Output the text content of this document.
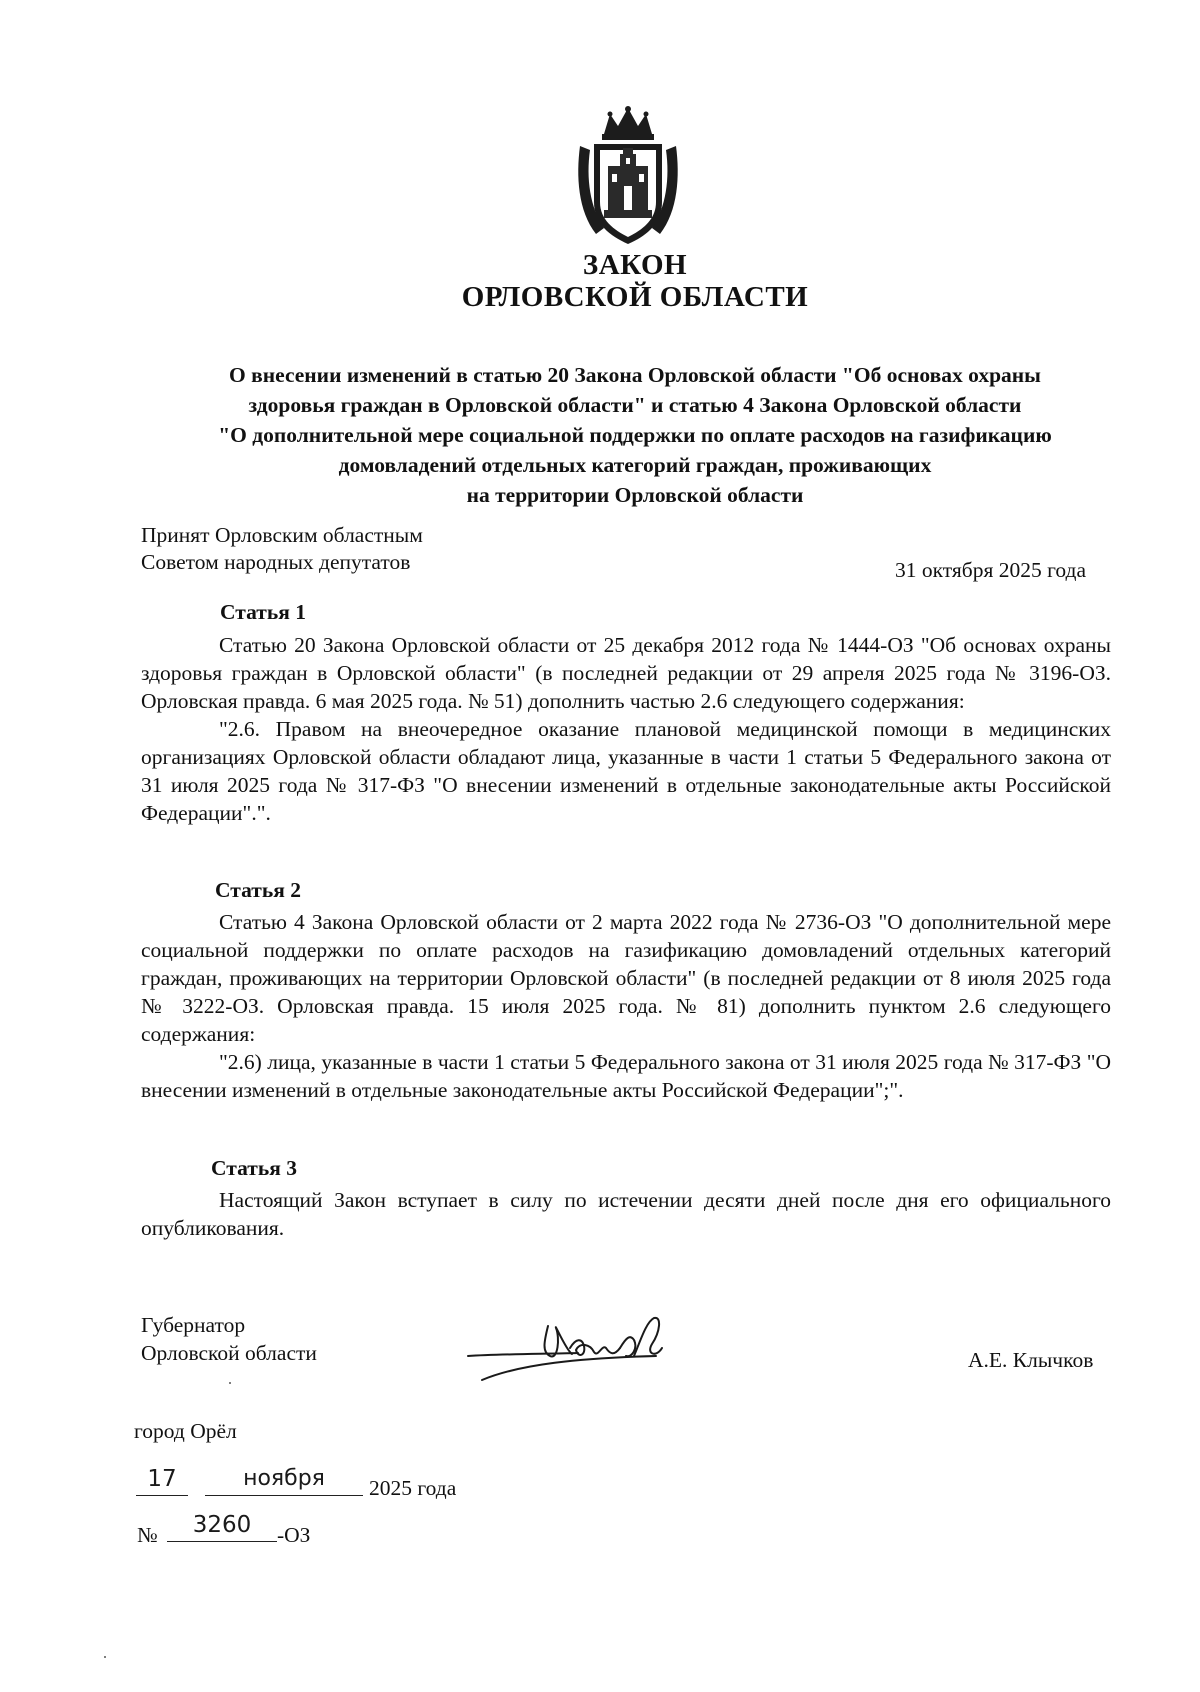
ЗАКОН
ОРЛОВСКОЙ ОБЛАСТИ
О внесении изменений в статью 20 Закона Орловской области "Об основах охраны
здоровья граждан в Орловской области" и статью 4 Закона Орловской области
"О дополнительной мере социальной поддержки по оплате расходов на газификацию
домовладений отдельных категорий граждан, проживающих
на территории Орловской области
Принят Орловским областным
Советом народных депутатов	31 октября 2025 года
Статья 1

Статью 20 Закона Орловской области от 25 декабря 2012 года № 1444-ОЗ "Об основах охраны здоровья граждан в Орловской области" (в последней редакции от 29 апреля 2025 года № 3196-ОЗ. Орловская правда. 6 мая 2025 года. № 51) дополнить частью 2.6 следующего содержания:

"2.6. Правом на внеочередное оказание плановой медицинской помощи в медицинских организациях Орловской области обладают лица, указанные в части 1 статьи 5 Федерального закона от 31 июля 2025 года № 317-ФЗ "О внесении изменений в отдельные законодательные акты Российской Федерации".".

Статья 2

Статью 4 Закона Орловской области от 2 марта 2022 года № 2736-ОЗ "О дополнительной мере социальной поддержки по оплате расходов на газификацию домовладений отдельных категорий граждан, проживающих на территории Орловской области" (в последней редакции от 8 июля 2025 года № 3222-ОЗ. Орловская правда. 15 июля 2025 года. № 81) дополнить пунктом 2.6 следующего содержания:

"2.6) лица, указанные в части 1 статьи 5 Федерального закона от 31 июля 2025 года № 317-ФЗ "О внесении изменений в отдельные законодательные акты Российской Федерации";".

Статья 3

Настоящий Закон вступает в силу по истечении десяти дней после дня его официального опубликования.

Губернатор
Орловской области	А.Е. Клычков
город Орёл
17	ноября	2025 года
№	3260	-ОЗ
